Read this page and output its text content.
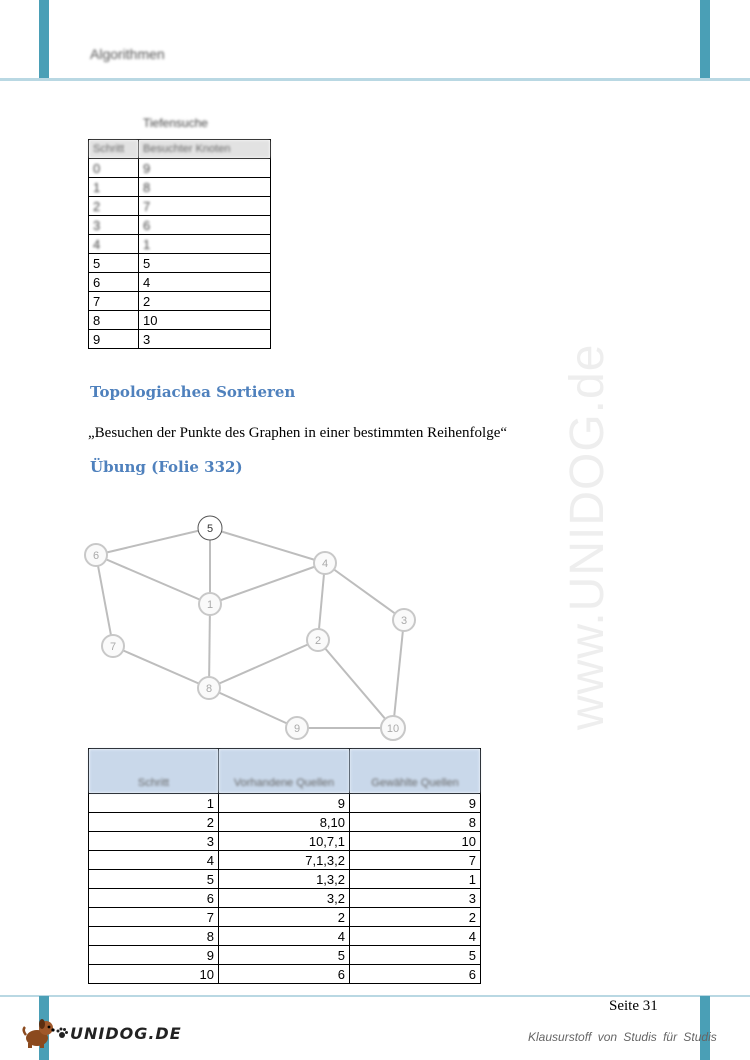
Algorithmen
www.UNIDOG.de
Tiefensuche
Schritt	Besuchter Knoten
0	9
1	8
2	7
3	6
4	1
5	5
6	4
7	2
8	10
9	3
Topologiachea Sortieren
„Besuchen der Punkte des Graphen in einer bestimmten Reihenfolge“
Übung (Folie 332)
5
6
4
1
3
7	2
8
9	10
Schritt	Vorhandene Quellen	Gewählte Quellen
1	9	9
2	8,10	8
3	10,7,1	10
4	7,1,3,2	7
5	1,3,2	1
6	3,2	3
7	2	2
8	4	4
9	5	5
10	6	6
Seite 31
UNIDOG.DE	Klausurstoff von Studis für Studis
